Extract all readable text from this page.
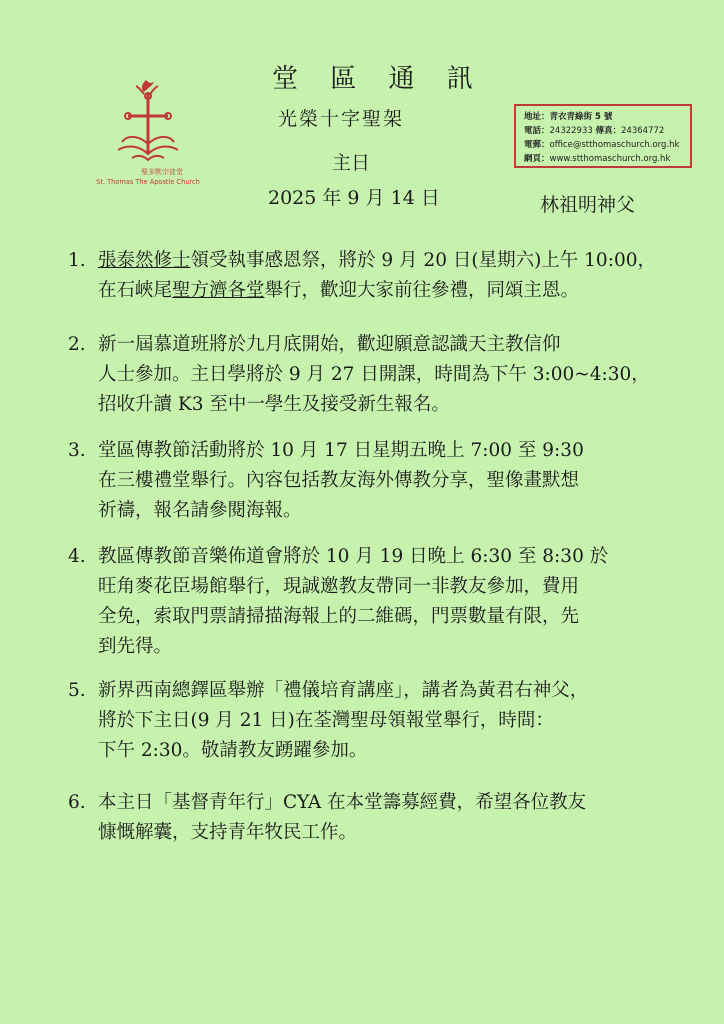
聖多默宗徒堂
St. Thomas The Apostle Church
堂 區 通 訊
光榮十字聖架
主日
2025 年 9 月 14 日	林祖明神父
地址：青衣青綠街 5 號
電話：24322933 傳真：24364772
電郵：office@stthomaschurch.org.hk
網頁：www.stthomaschurch.org.hk
1. 張泰然修士領受執事感恩祭，將於 9 月 20 日(星期六)上午 10:00，
在石峽尾聖方濟各堂舉行，歡迎大家前往參禮，同頌主恩。
2. 新一屆慕道班將於九月底開始，歡迎願意認識天主教信仰
人士參加。主日學將於 9 月 27 日開課，時間為下午 3:00~4:30，
招收升讀 K3 至中一學生及接受新生報名。
3. 堂區傳教節活動將於 10 月 17 日星期五晚上 7:00 至 9:30
在三樓禮堂舉行。內容包括教友海外傳教分享，聖像畫默想
祈禱，報名請參閱海報。
4. 教區傳教節音樂佈道會將於 10 月 19 日晚上 6:30 至 8:30 於
旺角麥花臣場館舉行，現誠邀教友帶同一非教友參加，費用
全免，索取門票請掃描海報上的二維碼，門票數量有限，先
到先得。
5. 新界西南總鐸區舉辦「禮儀培育講座」，講者為黃君右神父，
將於下主日(9 月 21 日)在荃灣聖母領報堂舉行，時間：
下午 2:30。敬請教友踴躍參加。
6. 本主日「基督青年行」CYA 在本堂籌募經費，希望各位教友
慷慨解囊，支持青年牧民工作。
